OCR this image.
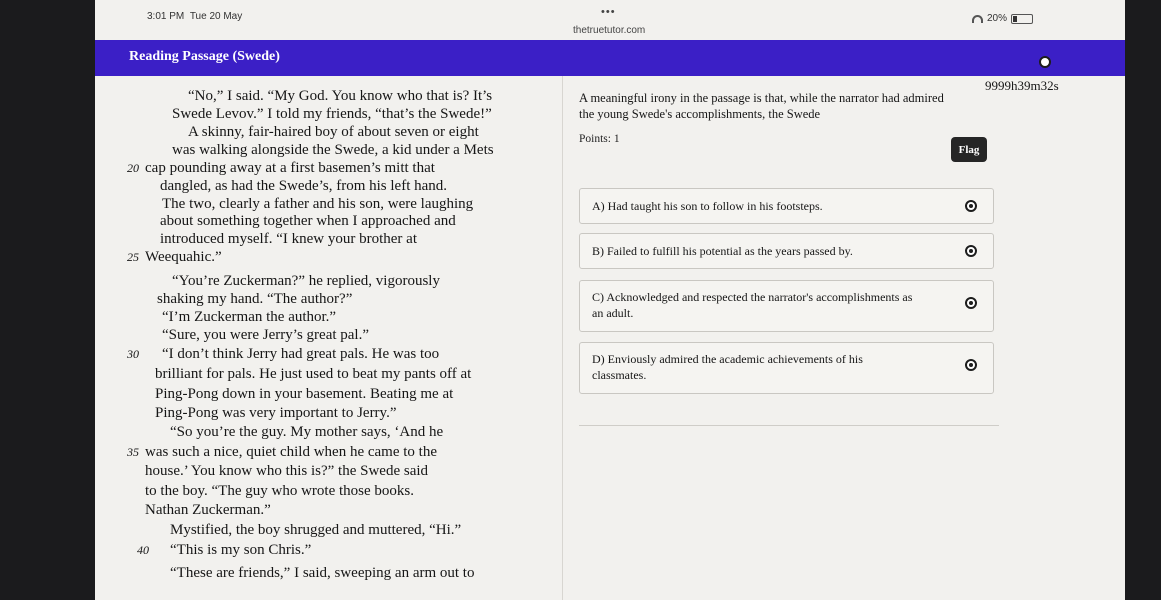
3:01 PM Tue 20 May	•••
thetruetutor.com
20%
Reading Passage (Swede)
“No,” I said. “My God. You know who that is? It’s
Swede Levov.” I told my friends, “that’s the Swede!”
A skinny, fair-haired boy of about seven or eight
was walking alongside the Swede, a kid under a Mets
20 cap pounding away at a first basemen’s mitt that
dangled, as had the Swede’s, from his left hand.
The two, clearly a father and his son, were laughing
about something together when I approached and
introduced myself. “I knew your brother at
25 Weequahic.”
“You’re Zuckerman?” he replied, vigorously
shaking my hand. “The author?”
“I’m Zuckerman the author.”
“Sure, you were Jerry’s great pal.”
30 “I don’t think Jerry had great pals. He was too
brilliant for pals. He just used to beat my pants off at
Ping-Pong down in your basement. Beating me at
Ping-Pong was very important to Jerry.”
“So you’re the guy. My mother says, ‘And he
35 was such a nice, quiet child when he came to the
house.’ You know who this is?” the Swede said
to the boy. “The guy who wrote those books.
Nathan Zuckerman.”
Mystified, the boy shrugged and muttered, “Hi.”
40 “This is my son Chris.”
“These are friends,” I said, sweeping an arm out to
9999h39m32s
A meaningful irony in the passage is that, while the narrator had admired
the young Swede's accomplishments, the Swede
Points: 1
Flag
A) Had taught his son to follow in his footsteps.
B) Failed to fulfill his potential as the years passed by.
C) Acknowledged and respected the narrator's accomplishments as
an adult.
D) Enviously admired the academic achievements of his
classmates.
